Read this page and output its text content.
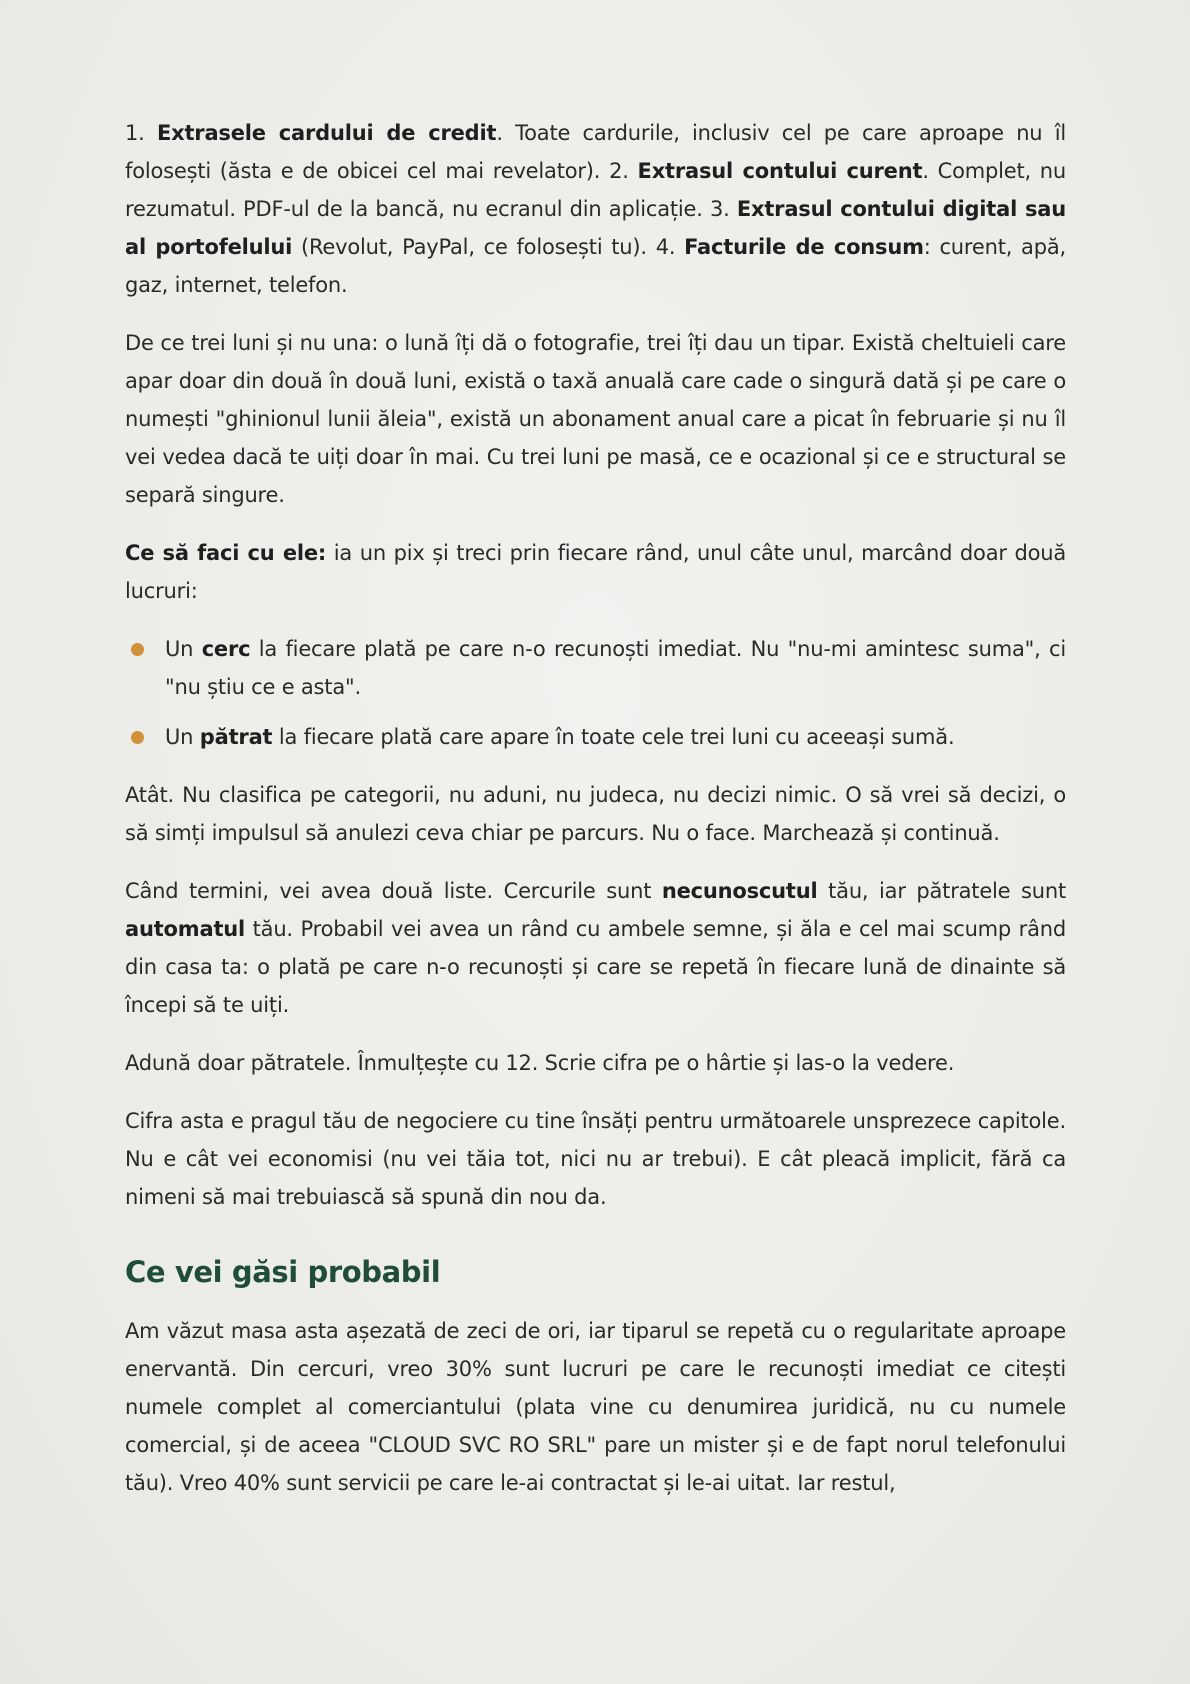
1. Extrasele cardului de credit. Toate cardurile, inclusiv cel pe care aproape nu îl folosești (ăsta e de obicei cel mai revelator). 2. Extrasul contului curent. Complet, nu rezumatul. PDF-ul de la bancă, nu ecranul din aplicație. 3. Extrasul contului digital sau al portofelului (Revolut, PayPal, ce folosești tu). 4. Facturile de consum: curent, apă, gaz, internet, telefon.

De ce trei luni și nu una: o lună îți dă o fotografie, trei îți dau un tipar. Există cheltuieli care apar doar din două în două luni, există o taxă anuală care cade o singură dată și pe care o numești "ghinionul lunii ăleia", există un abonament anual care a picat în februarie și nu îl vei vedea dacă te uiți doar în mai. Cu trei luni pe masă, ce e ocazional și ce e structural se separă singure.

Ce să faci cu ele: ia un pix și treci prin fiecare rând, unul câte unul, marcând doar două lucruri:

Un cerc la fiecare plată pe care n-o recunoști imediat. Nu "nu-mi amintesc suma", ci "nu știu ce e asta".
Un pătrat la fiecare plată care apare în toate cele trei luni cu aceeași sumă.

Atât. Nu clasifica pe categorii, nu aduni, nu judeca, nu decizi nimic. O să vrei să decizi, o să simți impulsul să anulezi ceva chiar pe parcurs. Nu o face. Marchează și continuă.

Când termini, vei avea două liste. Cercurile sunt necunoscutul tău, iar pătratele sunt automatul tău. Probabil vei avea un rând cu ambele semne, și ăla e cel mai scump rând din casa ta: o plată pe care n-o recunoști și care se repetă în fiecare lună de dinainte să începi să te uiți.

Adună doar pătratele. Înmulțește cu 12. Scrie cifra pe o hârtie și las-o la vedere.

Cifra asta e pragul tău de negociere cu tine însăți pentru următoarele unsprezece capitole. Nu e cât vei economisi (nu vei tăia tot, nici nu ar trebui). E cât pleacă implicit, fără ca nimeni să mai trebuiască să spună din nou da.

Ce vei găsi probabil

Am văzut masa asta așezată de zeci de ori, iar tiparul se repetă cu o regularitate aproape enervantă. Din cercuri, vreo 30% sunt lucruri pe care le recunoști imediat ce citești numele complet al comerciantului (plata vine cu denumirea juridică, nu cu numele comercial, și de aceea "CLOUD SVC RO SRL" pare un mister și e de fapt norul telefonului tău). Vreo 40% sunt servicii pe care le-ai contractat și le-ai uitat. Iar restul,
